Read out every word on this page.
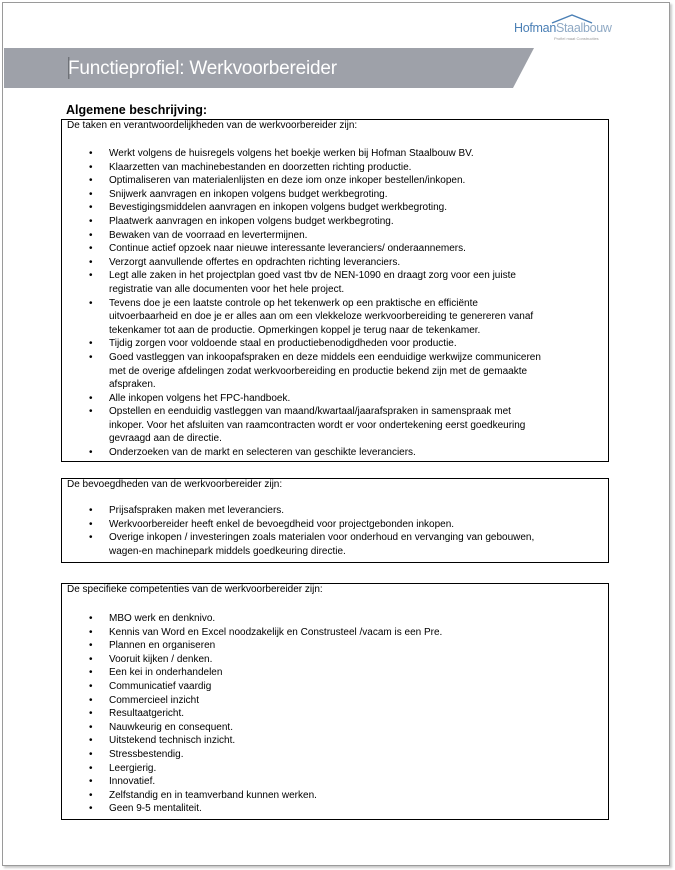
HofmanStaalbouw
Profiel maat Constructies
Functieprofiel: Werkvoorbereider
Algemene beschrijving:
De taken en verantwoordelijkheden van de werkvoorbereider zijn:
• Werkt volgens de huisregels volgens het boekje werken bij Hofman Staalbouw BV.
• Klaarzetten van machinebestanden en doorzetten richting productie.
• Optimaliseren van materialenlijsten en deze iom onze inkoper bestellen/inkopen.
• Snijwerk aanvragen en inkopen volgens budget werkbegroting.
• Bevestigingsmiddelen aanvragen en inkopen volgens budget werkbegroting.
• Plaatwerk aanvragen en inkopen volgens budget werkbegroting.
• Bewaken van de voorraad en levertermijnen.
• Continue actief opzoek naar nieuwe interessante leveranciers/ onderaannemers.
• Verzorgt aanvullende offertes en opdrachten richting leveranciers.
• Legt alle zaken in het projectplan goed vast tbv de NEN-1090 en draagt zorg voor een juiste
registratie van alle documenten voor het hele project.
• Tevens doe je een laatste controle op het tekenwerk op een praktische en efficiënte
uitvoerbaarheid en doe je er alles aan om een vlekkeloze werkvoorbereiding te genereren vanaf
tekenkamer tot aan de productie. Opmerkingen koppel je terug naar de tekenkamer.
• Tijdig zorgen voor voldoende staal en productiebenodigdheden voor productie.
• Goed vastleggen van inkoopafspraken en deze middels een eenduidige werkwijze communiceren
met de overige afdelingen zodat werkvoorbereiding en productie bekend zijn met de gemaakte
afspraken.
• Alle inkopen volgens het FPC-handboek.
• Opstellen en eenduidig vastleggen van maand/kwartaal/jaarafspraken in samenspraak met
inkoper. Voor het afsluiten van raamcontracten wordt er voor ondertekening eerst goedkeuring
gevraagd aan de directie.
• Onderzoeken van de markt en selecteren van geschikte leveranciers.
De bevoegdheden van de werkvoorbereider zijn:
• Prijsafspraken maken met leveranciers.
• Werkvoorbereider heeft enkel de bevoegdheid voor projectgebonden inkopen.
• Overige inkopen / investeringen zoals materialen voor onderhoud en vervanging van gebouwen,
wagen-en machinepark middels goedkeuring directie.
De specifieke competenties van de werkvoorbereider zijn:
• MBO werk en denknivo.
• Kennis van Word en Excel noodzakelijk en Construsteel /vacam is een Pre.
• Plannen en organiseren
• Vooruit kijken / denken.
• Een kei in onderhandelen
• Communicatief vaardig
• Commercieel inzicht
• Resultaatgericht.
• Nauwkeurig en consequent.
• Uitstekend technisch inzicht.
• Stressbestendig.
• Leergierig.
• Innovatief.
• Zelfstandig en in teamverband kunnen werken.
• Geen 9-5 mentaliteit.
